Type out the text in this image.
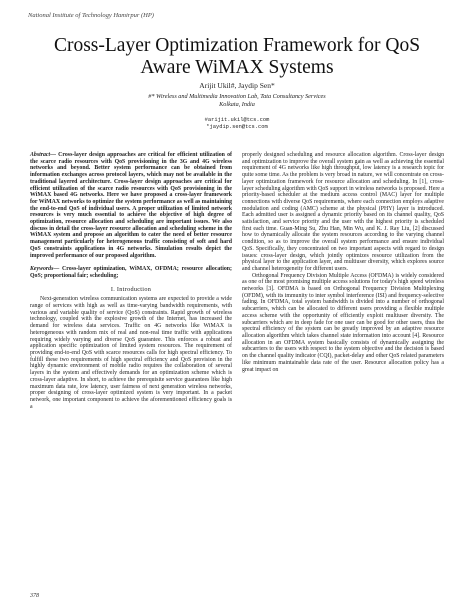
National Institute of Technology Hamirpur (HP)
Cross-Layer Optimization Framework for QoS
Aware WiMAX Systems
Arijit Ukil#, Jaydip Sen*
#* Wireless and Multimedia Innovation Lab, Tata Consultancy Services
Kolkata, India
#arijit.ukil@tcs.com
*jaydip.sen@tcs.com

Abstract— Cross-layer design approaches are critical for efficient utilization of the scarce radio resources with QoS provisioning in the 3G and 4G wireless networks and beyond. Better system performance can be obtained from information exchanges across protocol layers, which may not be available in the traditional layered architecture. Cross-layer design approaches are critical for efficient utilization of the scarce radio resources with QoS provisioning in the WiMAX based 4G networks. Here we have proposed a cross-layer framework for WiMAX networks to optimize the system performance as well as maintaining the end-to-end QoS of individual users. A proper utilization of limited network resources is very much essential to achieve the objective of high degree of optimization, resource allocation and scheduling are important issues. We also discuss in detail the cross-layer resource allocation and scheduling scheme in the WiMAX system and propose an algorithm to cater the need of better resource management particularly for heterogeneous traffic consisting of soft and hard QoS constraints applications in 4G networks. Simulation results depict the improved performance of our proposed algorithm.

Keywords— Cross-layer optimization, WiMAX, OFDMA; resource allocation; QoS; proportional fair; scheduling;

I. Introduction

Next-generation wireless communication systems are expected to provide a wide range of services with high as well as time-varying bandwidth requirements, with various and variable quality of service (QoS) constraints. Rapid growth of wireless technology, coupled with the explosive growth of the Internet, has increased the demand for wireless data services. Traffic on 4G networks like WiMAX is heterogeneous with random mix of real and non-real time traffic with applications requiring widely varying and diverse QoS guarantee. This enforces a robust and application specific optimization of limited system resources. The requirement of providing end-to-end QoS with scarce resources calls for high spectral efficiency. To fulfill these two requirements of high spectral efficiency and QoS provision in the highly dynamic environment of mobile radio requires the collaboration of several layers in the system and effectively demands for an optimization scheme which is cross-layer adaptive. In short, to achieve the prerequisite service guarantees like high maximum data rate, low latency, user fairness of next generation wireless networks, proper designing of cross-layer optimized system is very important. In a packet network, one important component to achieve the aforementioned efficiency goals is a

properly designed scheduling and resource allocation algorithm. Cross-layer design and optimization to improve the overall system gain as well as achieving the essential requirement of 4G networks like high throughput, low latency is a research topic for quite some time. As the problem is very broad in nature, we will concentrate on cross-layer optimization framework for resource allocation and scheduling. In [1], cross-layer scheduling algorithm with QoS support in wireless networks is proposed. Here a priority-based scheduler at the medium access control (MAC) layer for multiple connections with diverse QoS requirements, where each connection employs adaptive modulation and coding (AMC) scheme at the physical (PHY) layer is introduced. Each admitted user is assigned a dynamic priority based on its channel quality, QoS satisfaction, and service priority and the user with the highest priority is scheduled first each time. Guan-Ming Su, Zhu Han, Min Wu, and K. J. Ray Liu, [2] discussed how to dynamically allocate the system resources according to the varying channel condition, so as to improve the overall system performance and ensure individual QoS. Specifically, they concentrated on two important aspects with regard to design issues: cross-layer design, which jointly optimizes resource utilization from the physical layer to the application layer, and multiuser diversity, which explores source and channel heterogeneity for different users.

Orthogonal Frequency Division Multiple Access (OFDMA) is widely considered as one of the most promising multiple access solutions for today's high speed wireless networks [3]. OFDMA is based on Orthogonal Frequency Division Multiplexing (OFDM), with its immunity to inter symbol interference (ISI) and frequency-selective fading. In OFDMA, total system bandwidth is divided into a number of orthogonal subcarriers, which can be allocated to different users providing a flexible multiple access scheme with the opportunity of efficiently exploit multiuser diversity. The subcarriers which are in deep fade for one user can be good for other users, thus the spectral efficiency of the system can be greatly improved by an adaptive resource allocation algorithm which takes channel state information into account [4]. Resource allocation in an OFDMA system basically consists of dynamically assigning the subcarriers to the users with respect to the system objective and the decision is based on the channel quality indicator (CQI), packet-delay and other QoS related parameters like minimum maintainable data rate of the user. Resource allocation policy has a great impact on

378
